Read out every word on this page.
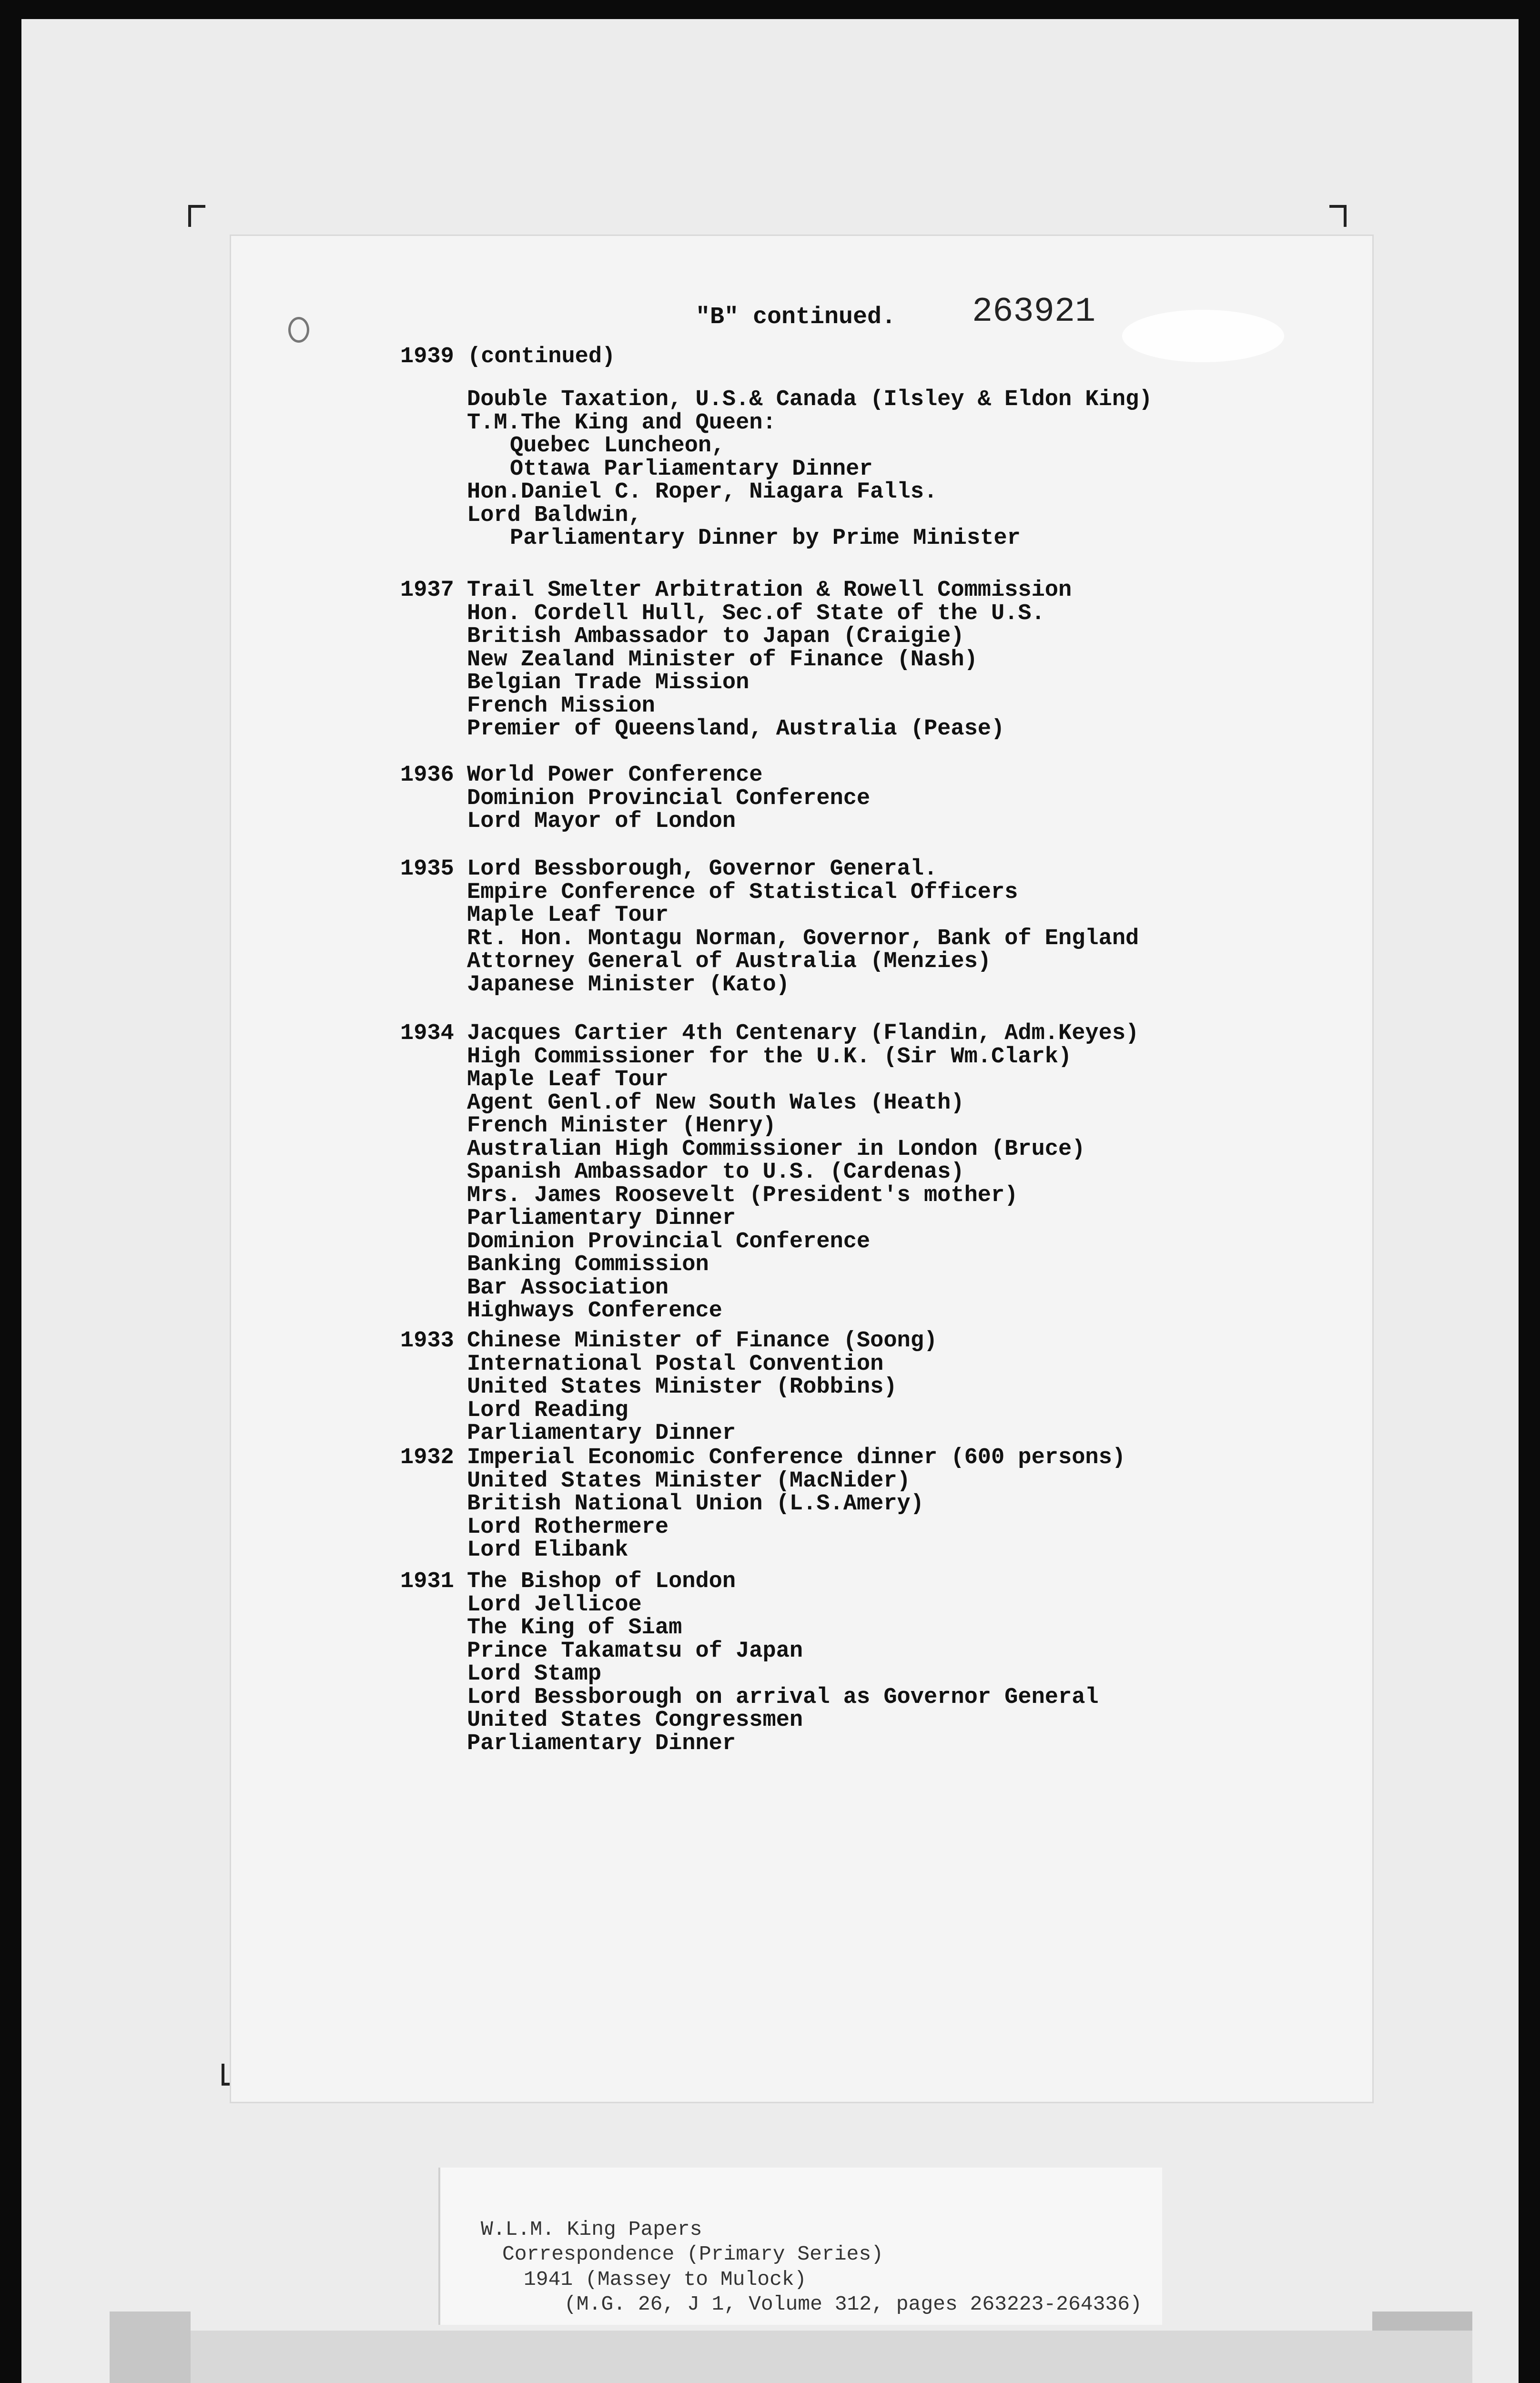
"B" continued. 263921
1939 (continued)
Double Taxation, U.S.& Canada (Ilsley & Eldon King)
T.M.The King and Queen:
Quebec Luncheon,
Ottawa Parliamentary Dinner
Hon.Daniel C. Roper, Niagara Falls.
Lord Baldwin,
Parliamentary Dinner by Prime Minister
1937 Trail Smelter Arbitration & Rowell Commission
Hon. Cordell Hull, Sec.of State of the U.S.
British Ambassador to Japan (Craigie)
New Zealand Minister of Finance (Nash)
Belgian Trade Mission
French Mission
Premier of Queensland, Australia (Pease)
1936 World Power Conference
Dominion Provincial Conference
Lord Mayor of London
1935 Lord Bessborough, Governor General.
Empire Conference of Statistical Officers
Maple Leaf Tour
Rt. Hon. Montagu Norman, Governor, Bank of England
Attorney General of Australia (Menzies)
Japanese Minister (Kato)
1934 Jacques Cartier 4th Centenary (Flandin, Adm.Keyes)
High Commissioner for the U.K. (Sir Wm.Clark)
Maple Leaf Tour
Agent Genl.of New South Wales (Heath)
French Minister (Henry)
Australian High Commissioner in London (Bruce)
Spanish Ambassador to U.S. (Cardenas)
Mrs. James Roosevelt (President's mother)
Parliamentary Dinner
Dominion Provincial Conference
Banking Commission
Bar Association
Highways Conference
1933 Chinese Minister of Finance (Soong)
International Postal Convention
United States Minister (Robbins)
Lord Reading
Parliamentary Dinner
1932 Imperial Economic Conference dinner (600 persons)
United States Minister (MacNider)
British National Union (L.S.Amery)
Lord Rothermere
Lord Elibank
1931 The Bishop of London
Lord Jellicoe
The King of Siam
Prince Takamatsu of Japan
Lord Stamp
Lord Bessborough on arrival as Governor General
United States Congressmen
Parliamentary Dinner
W.L.M. King Papers
Correspondence (Primary Series)
1941 (Massey to Mulock)
(M.G. 26, J 1, Volume 312, pages 263223-264336)
